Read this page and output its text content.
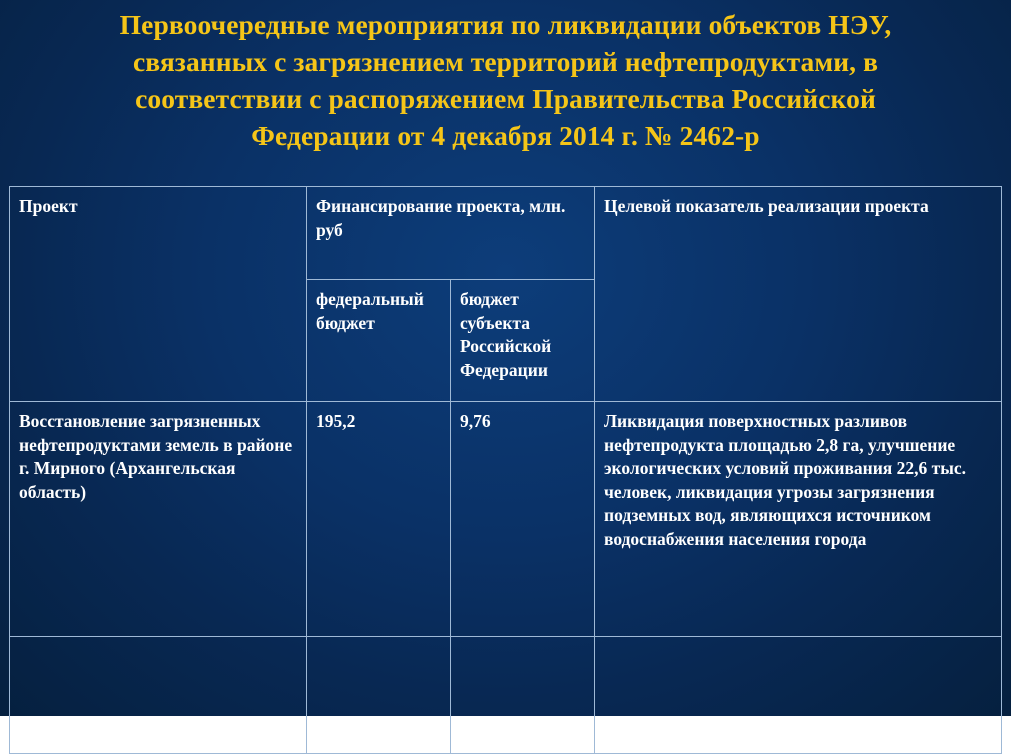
Первоочередные мероприятия по ликвидации объектов НЭУ,
связанных с загрязнением территорий нефтепродуктами, в
соответствии с распоряжением Правительства Российской
Федерации от 4 декабря 2014 г. № 2462-р
Проект	Финансирование проекта, млн. руб		Целевой показатель реализации проекта
	федеральный бюджет	бюджет субъекта Российской Федерации	
Восстановление загрязненных нефтепродуктами земель в районе г. Мирного (Архангельская область)	195,2	9,76	Ликвидация поверхностных разливов нефтепродукта площадью 2,8 га, улучшение экологических условий проживания 22,6 тыс. человек, ликвидация угрозы загрязнения подземных вод, являющихся источником водоснабжения населения города
